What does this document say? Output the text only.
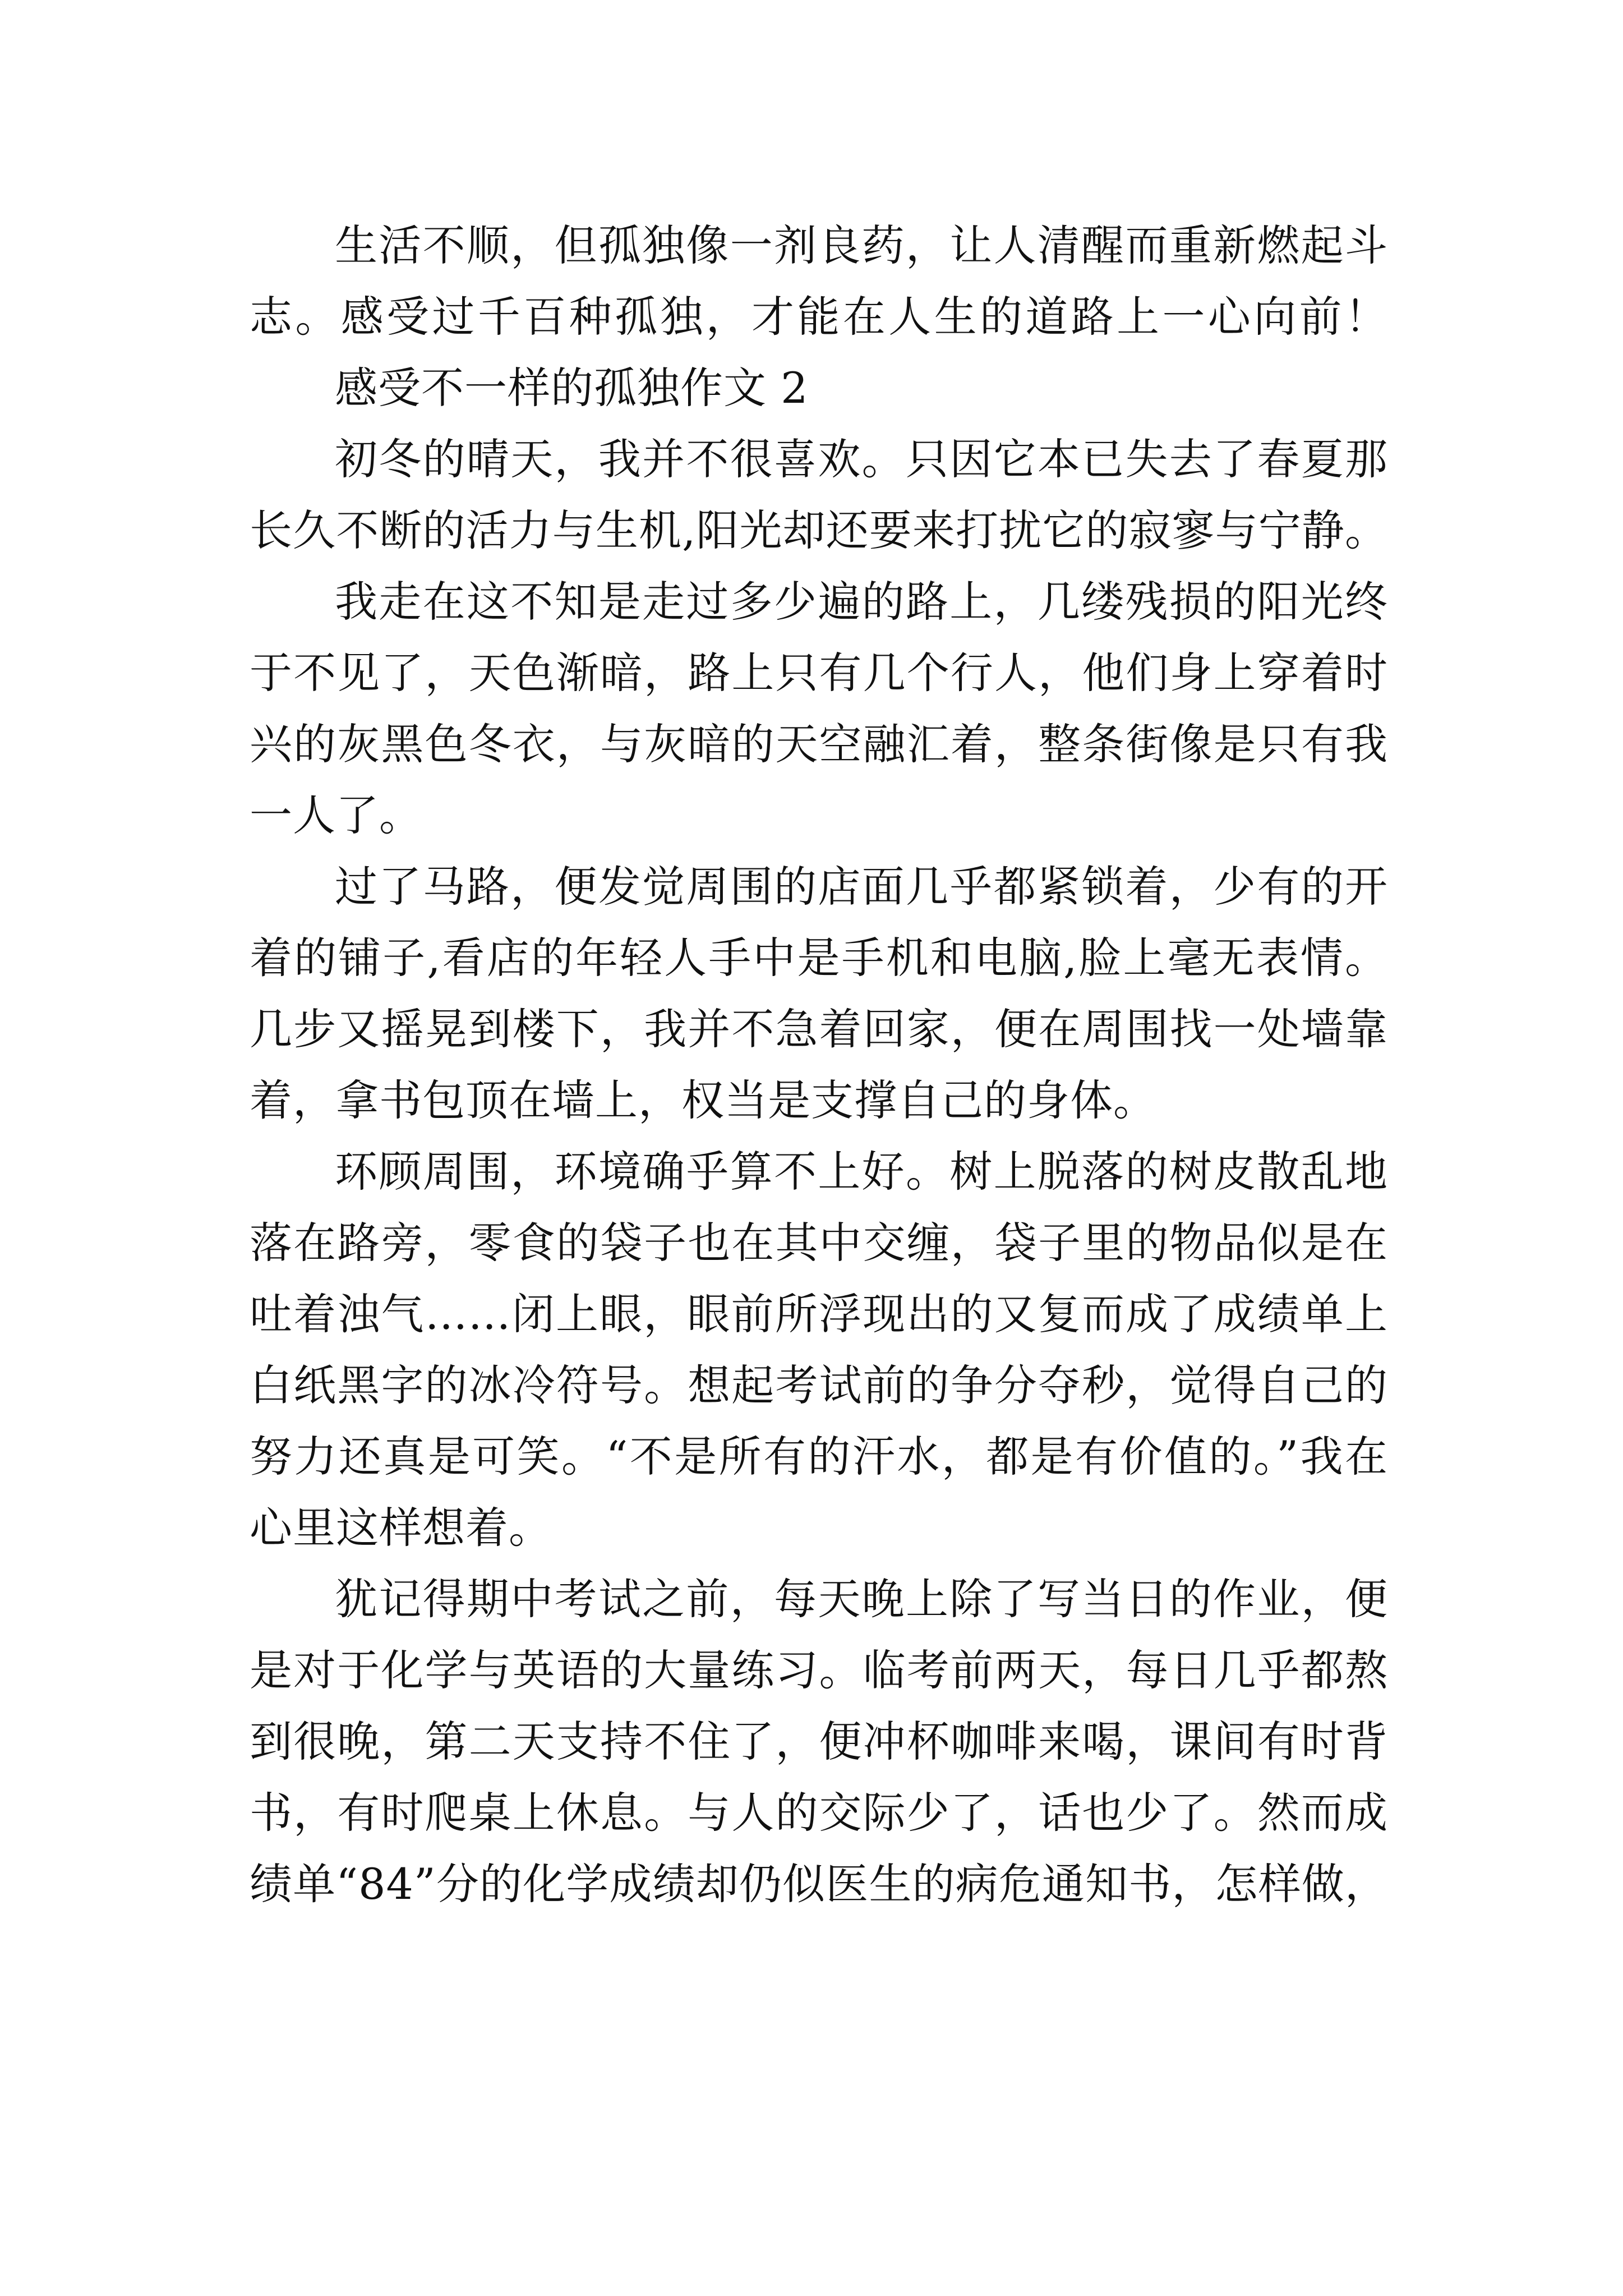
生活不顺，但孤独像一剂良药，让人清醒而重新燃起斗
志。感受过千百种孤独，才能在人生的道路上一心向前！
感受不一样的孤独作文 2
初冬的晴天，我并不很喜欢。只因它本已失去了春夏那
长久不断的活力与生机,阳光却还要来打扰它的寂寥与宁静。
我走在这不知是走过多少遍的路上，几缕残损的阳光终
于不见了，天色渐暗，路上只有几个行人，他们身上穿着时
兴的灰黑色冬衣，与灰暗的天空融汇着，整条街像是只有我
一人了。
过了马路，便发觉周围的店面几乎都紧锁着，少有的开
着的铺子,看店的年轻人手中是手机和电脑,脸上毫无表情。
几步又摇晃到楼下，我并不急着回家，便在周围找一处墙靠
着，拿书包顶在墙上，权当是支撑自己的身体。
环顾周围，环境确乎算不上好。树上脱落的树皮散乱地
落在路旁，零食的袋子也在其中交缠，袋子里的物品似是在
吐着浊气……闭上眼，眼前所浮现出的又复而成了成绩单上
白纸黑字的冰冷符号。想起考试前的争分夺秒，觉得自己的
努力还真是可笑。“不是所有的汗水，都是有价值的。”我在
心里这样想着。
犹记得期中考试之前，每天晚上除了写当日的作业，便
是对于化学与英语的大量练习。临考前两天，每日几乎都熬
到很晚，第二天支持不住了，便冲杯咖啡来喝，课间有时背
书，有时爬桌上休息。与人的交际少了，话也少了。然而成
绩单“84”分的化学成绩却仍似医生的病危通知书，怎样做，
